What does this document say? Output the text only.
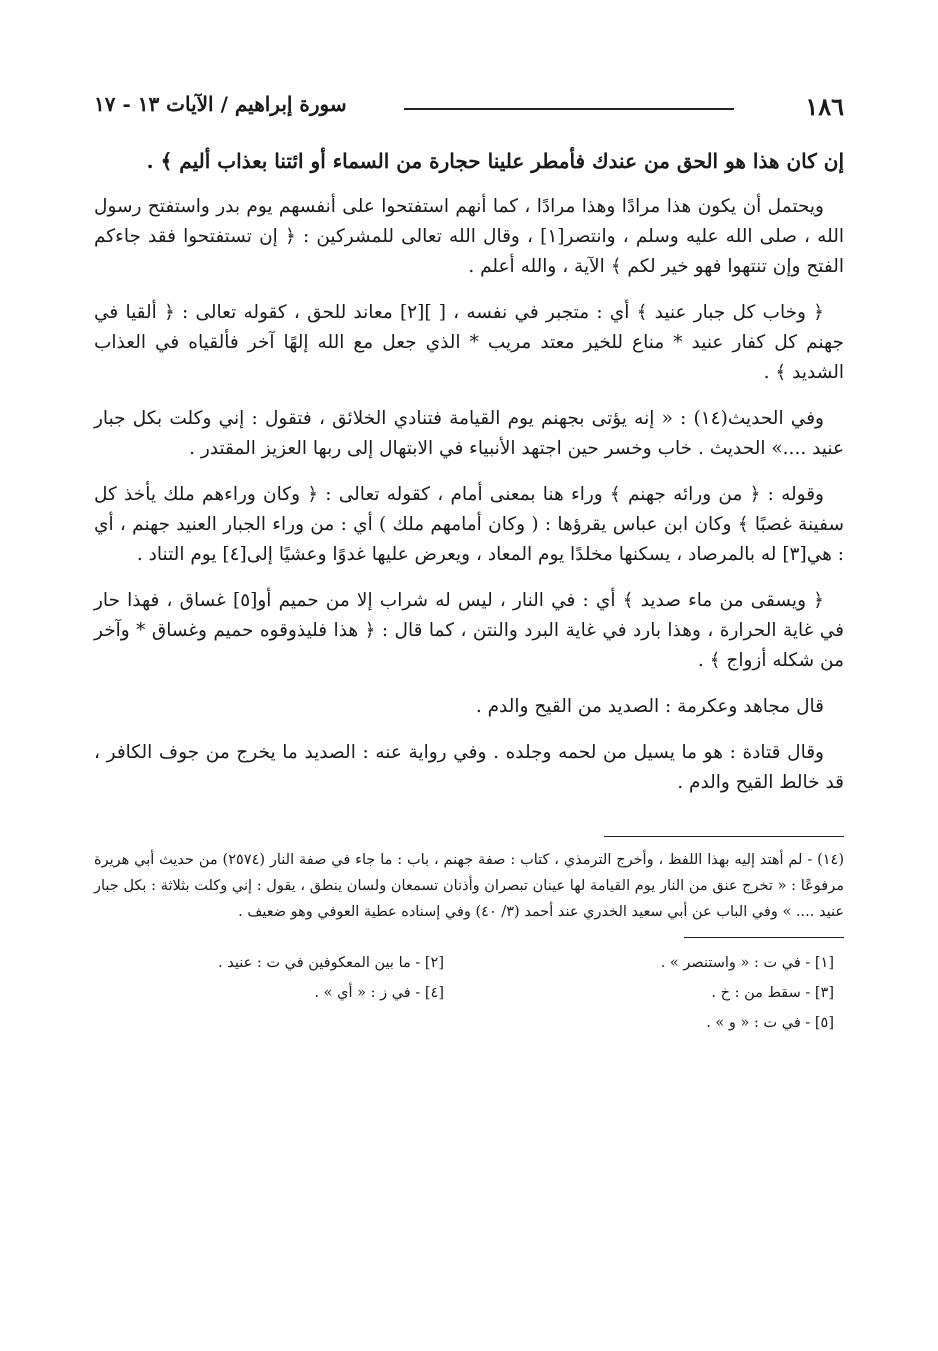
١٨٦
سورة إبراهيم / الآيات ١٣ - ١٧

إن كان هذا هو الحق من عندك فأمطر علينا حجارة من السماء أو ائتنا بعذاب أليم ﴾ .

ويحتمل أن يكون هذا مرادًا وهذا مرادًا ، كما أنهم استفتحوا على أنفسهم يوم بدر واستفتح رسول الله ، صلى الله عليه وسلم ، وانتصر[١] ، وقال الله تعالى للمشركين : ﴿ إن تستفتحوا فقد جاءكم الفتح وإن تنتهوا فهو خير لكم ﴾ الآية ، والله أعلم .

﴿ وخاب كل جبار عنيد ﴾ أي : متجبر في نفسه ، [ ][٢] معاند للحق ، كقوله تعالى : ﴿ ألقيا في جهنم كل كفار عنيد * مناع للخير معتد مريب * الذي جعل مع الله إلهًا آخر فألقياه في العذاب الشديد ﴾ .

وفي الحديث(١٤) : « إنه يؤتى بجهنم يوم القيامة فتنادي الخلائق ، فتقول : إني وكلت بكل جبار عنيد ....» الحديث . خاب وخسر حين اجتهد الأنبياء في الابتهال إلى ربها العزيز المقتدر .

وقوله : ﴿ من ورائه جهنم ﴾ وراء هنا بمعنى أمام ، كقوله تعالى : ﴿ وكان وراءهم ملك يأخذ كل سفينة غصبًا ﴾ وكان ابن عباس يقرؤها : ( وكان أمامهم ملك ) أي : من وراء الجبار العنيد جهنم ، أي : هي[٣] له بالمرصاد ، يسكنها مخلدًا يوم المعاد ، ويعرض عليها غدوًا وعشيًا إلى[٤] يوم التناد .

﴿ ويسقى من ماء صديد ﴾ أي : في النار ، ليس له شراب إلا من حميم أو[٥] غساق ، فهذا حار في غاية الحرارة ، وهذا بارد في غاية البرد والنتن ، كما قال : ﴿ هذا فليذوقوه حميم وغساق * وآخر من شكله أزواج ﴾ .

قال مجاهد وعكرمة : الصديد من القيح والدم .

وقال قتادة : هو ما يسيل من لحمه وجلده . وفي رواية عنه : الصديد ما يخرج من جوف الكافر ، قد خالط القيح والدم .

(١٤) - لم أهتد إليه بهذا اللفظ ، وأخرج الترمذي ، كتاب : صفة جهنم ، باب : ما جاء في صفة النار (٢٥٧٤) من حديث أبي هريرة مرفوعًا : « تخرج عنق من النار يوم القيامة لها عينان تبصران وأذنان تسمعان ولسان ينطق ، يقول : إني وكلت بثلاثة : بكل جبار عنيد .... » وفي الباب عن أبي سعيد الخدري عند أحمد (٣/ ٤٠) وفي إسناده عطية العوفي وهو ضعيف .
[١] - في ت : « واستنصر » .
[٢] - ما بين المعكوفين في ت : عنيد .
[٣] - سقط من : خ .
[٤] - في ز : « أي » .
[٥] - في ت : « و » .
